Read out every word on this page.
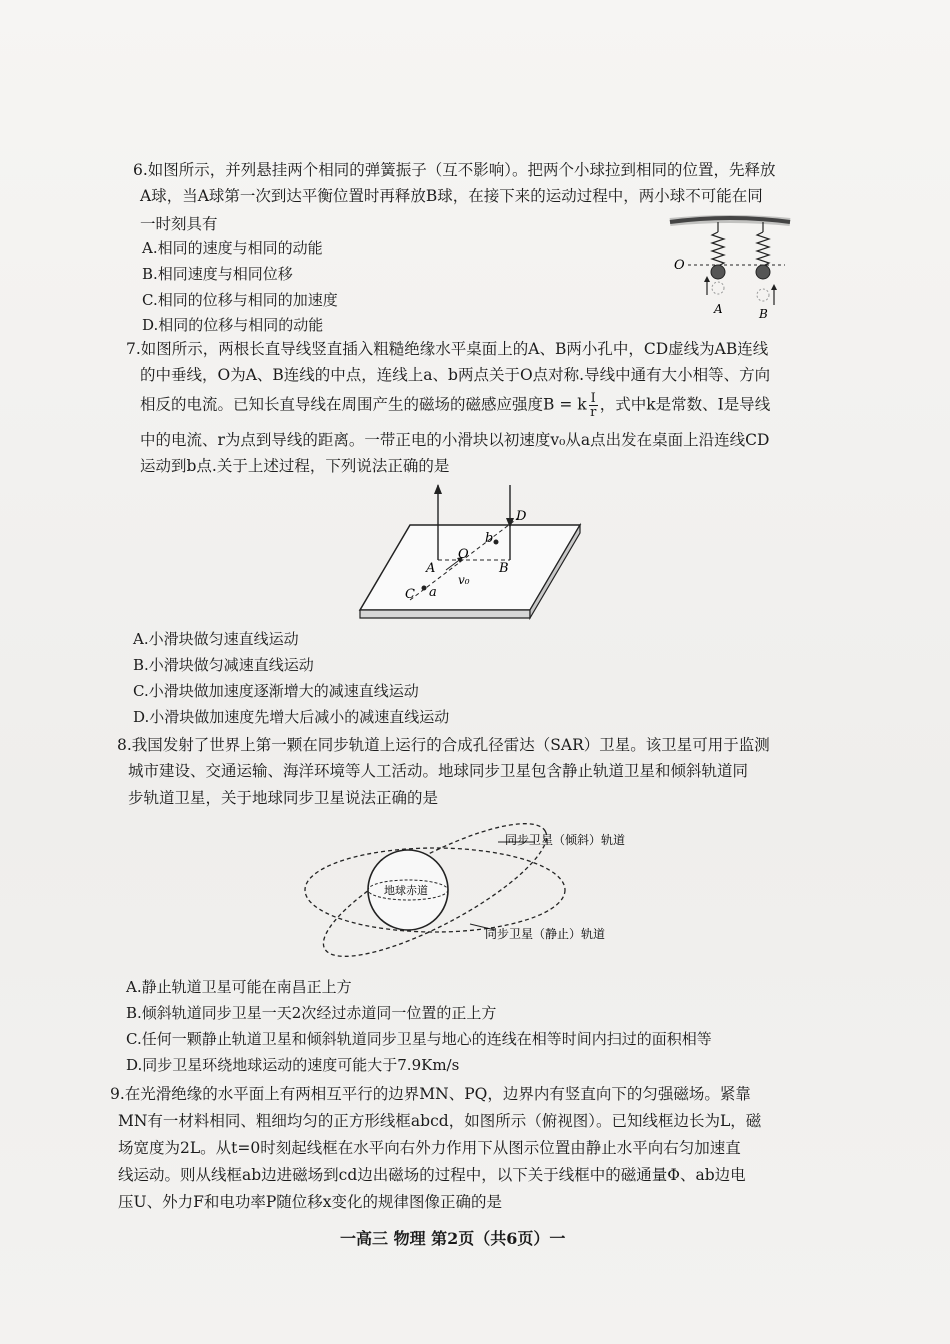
6.如图所示，并列悬挂两个相同的弹簧振子（互不影响）。把两个小球拉到相同的位置，先释放
A球，当A球第一次到达平衡位置时再释放B球，在接下来的运动过程中，两小球不可能在同
一时刻具有
A.相同的速度与相同的动能
B.相同速度与相同位移
C.相同的位移与相同的加速度
D.相同的位移与相同的动能
O
A	B
7.如图所示，两根长直导线竖直插入粗糙绝缘水平桌面上的A、B两小孔中，CD虚线为AB连线
的中垂线，O为A、B连线的中点，连线上a、b两点关于O点对称.导线中通有大小相等、方向
相反的电流。已知长直导线在周围产生的磁场的磁感应强度B = k $\frac{I}{r}$ ，式中k是常数、I是导线
中的电流、r为点到导线的距离。一带正电的小滑块以初速度v₀从a点出发在桌面上沿连线CD
运动到b点.关于上述过程，下列说法正确的是
D
b
O
A	B
v₀
C a
A.小滑块做匀速直线运动
B.小滑块做匀减速直线运动
C.小滑块做加速度逐渐增大的减速直线运动
D.小滑块做加速度先增大后减小的减速直线运动
8.我国发射了世界上第一颗在同步轨道上运行的合成孔径雷达（SAR）卫星。该卫星可用于监测
城市建设、交通运输、海洋环境等人工活动。地球同步卫星包含静止轨道卫星和倾斜轨道同
步轨道卫星，关于地球同步卫星说法正确的是
同步卫星（倾斜）轨道
地球赤道
同步卫星（静止）轨道
A.静止轨道卫星可能在南昌正上方
B.倾斜轨道同步卫星一天2次经过赤道同一位置的正上方
C.任何一颗静止轨道卫星和倾斜轨道同步卫星与地心的连线在相等时间内扫过的面积相等
D.同步卫星环绕地球运动的速度可能大于7.9Km/s
9.在光滑绝缘的水平面上有两相互平行的边界MN、PQ，边界内有竖直向下的匀强磁场。紧靠
MN有一材料相同、粗细均匀的正方形线框abcd，如图所示（俯视图）。已知线框边长为L，磁
场宽度为2L。从t=0时刻起线框在水平向右外力作用下从图示位置由静止水平向右匀加速直
线运动。则从线框ab边进磁场到cd边出磁场的过程中，以下关于线框中的磁通量Φ、ab边电
压U、外力F和电功率P随位移x变化的规律图像正确的是
一高三 物理 第2页（共6页）一
